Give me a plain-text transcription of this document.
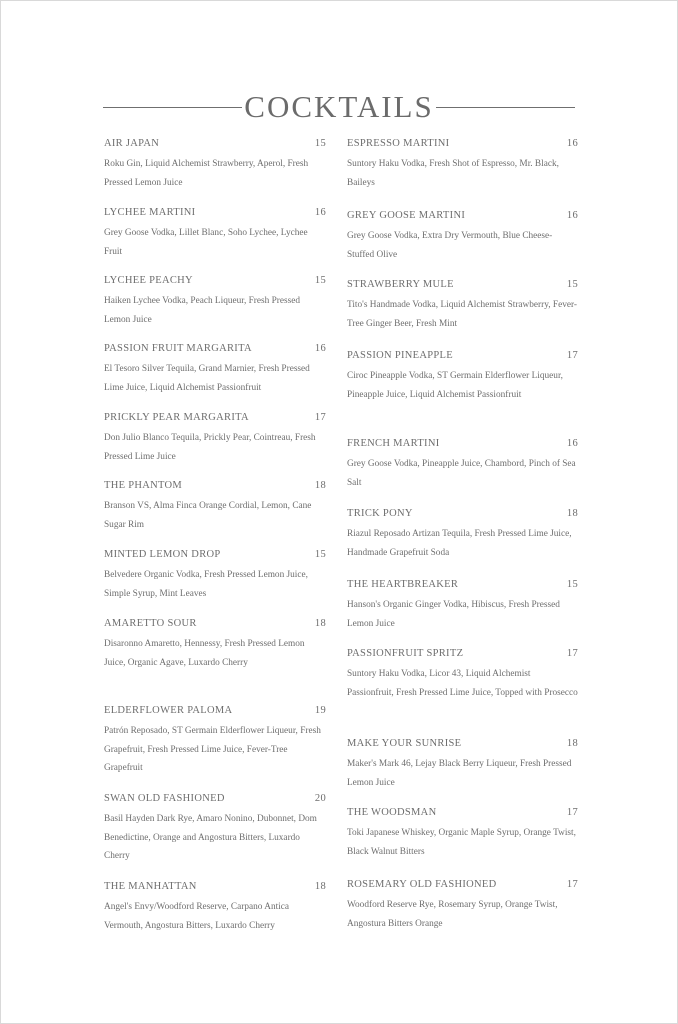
COCKTAILS
AIR JAPAN	15
Roku Gin, Liquid Alchemist Strawberry, Aperol, Fresh Pressed Lemon Juice
LYCHEE MARTINI	16
Grey Goose Vodka, Lillet Blanc, Soho Lychee, Lychee Fruit
LYCHEE PEACHY	15
Haiken Lychee Vodka, Peach Liqueur, Fresh Pressed Lemon Juice
PASSION FRUIT MARGARITA	16
El Tesoro Silver Tequila, Grand Marnier, Fresh Pressed Lime Juice, Liquid Alchemist Passionfruit
PRICKLY PEAR MARGARITA	17
Don Julio Blanco Tequila, Prickly Pear, Cointreau, Fresh Pressed Lime Juice
THE PHANTOM	18
Branson VS, Alma Finca Orange Cordial, Lemon, Cane Sugar Rim
MINTED LEMON DROP	15
Belvedere Organic Vodka, Fresh Pressed Lemon Juice, Simple Syrup, Mint Leaves
AMARETTO SOUR	18
Disaronno Amaretto, Hennessy, Fresh Pressed Lemon Juice, Organic Agave, Luxardo Cherry
ELDERFLOWER PALOMA	19
Patrón Reposado, ST Germain Elderflower Liqueur, Fresh Grapefruit, Fresh Pressed Lime Juice, Fever-Tree Grapefruit
SWAN OLD FASHIONED	20
Basil Hayden Dark Rye, Amaro Nonino, Dubonnet, Dom Benedictine, Orange and Angostura Bitters, Luxardo Cherry
THE MANHATTAN	18
Angel's Envy/Woodford Reserve, Carpano Antica Vermouth, Angostura Bitters, Luxardo Cherry
ESPRESSO MARTINI	16
Suntory Haku Vodka, Fresh Shot of Espresso, Mr. Black, Baileys
GREY GOOSE MARTINI	16
Grey Goose Vodka, Extra Dry Vermouth, Blue Cheese-Stuffed Olive
STRAWBERRY MULE	15
Tito's Handmade Vodka, Liquid Alchemist Strawberry, Fever-Tree Ginger Beer, Fresh Mint
PASSION PINEAPPLE	17
Ciroc Pineapple Vodka, ST Germain Elderflower Liqueur, Pineapple Juice, Liquid Alchemist Passionfruit
FRENCH MARTINI	16
Grey Goose Vodka, Pineapple Juice, Chambord, Pinch of Sea Salt
TRICK PONY	18
Riazul Reposado Artizan Tequila, Fresh Pressed Lime Juice, Handmade Grapefruit Soda
THE HEARTBREAKER	15
Hanson's Organic Ginger Vodka, Hibiscus, Fresh Pressed Lemon Juice
PASSIONFRUIT SPRITZ	17
Suntory Haku Vodka, Licor 43, Liquid Alchemist Passionfruit, Fresh Pressed Lime Juice, Topped with Prosecco
MAKE YOUR SUNRISE	18
Maker's Mark 46, Lejay Black Berry Liqueur, Fresh Pressed Lemon Juice
THE WOODSMAN	17
Toki Japanese Whiskey, Organic Maple Syrup, Orange Twist, Black Walnut Bitters
ROSEMARY OLD FASHIONED	17
Woodford Reserve Rye, Rosemary Syrup, Orange Twist, Angostura Bitters Orange
